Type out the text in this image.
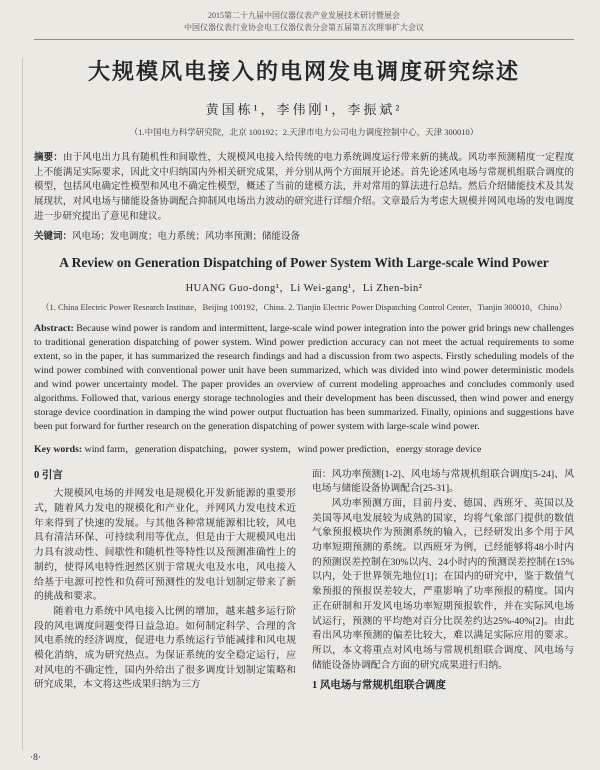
2015第二十九届中国仪器仪表产业发展技术研讨暨展会
中国仪器仪表行业协会电工仪器仪表分会第五届第五次理事扩大会议
大规模风电接入的电网发电调度研究综述
黄国栋¹，李伟刚¹，李振斌²
（1.中国电力科学研究院，北京 100192；2.天津市电力公司电力调度控制中心，天津 300010）

摘要：由于风电出力具有随机性和间歇性，大规模风电接入给传统的电力系统调度运行带来新的挑战。风功率预测精度一定程度上不能满足实际要求，因此文中归纳国内外相关研究成果，并分别从两个方面展开论述。首先论述风电场与常规机组联合调度的模型，包括风电确定性模型和风电不确定性模型，概述了当前的建模方法，并对常用的算法进行总结。然后介绍储能技术及其发展现状，对风电场与储能设备协调配合抑制风电场出力波动的研究进行详细介绍。文章最后为考虑大规模并网风电场的发电调度进一步研究提出了意见和建议。

关键词：风电场；发电调度；电力系统；风功率预测；储能设备

A Review on Generation Dispatching of Power System With Large-scale Wind Power
HUANG Guo-dong¹，Li Wei-gang¹，Li Zhen-bin²
（1. China Electric Power Research Institute，Beijing 100192，China. 2. Tianjin Electric Power Dispatching Control Center，Tianjin 300010，China）

Abstract: Because wind power is random and intermittent, large-scale wind power integration into the power grid brings new challenges to traditional generation dispatching of power system. Wind power prediction accuracy can not meet the actual requirements to some extent, so in the paper, it has summarized the research findings and had a discussion from two aspects. Firstly scheduling models of the wind power combined with conventional power unit have been summarized, which was divided into wind power deterministic models and wind power uncertainty model. The paper provides an overview of current modeling approaches and concludes commonly used algorithms. Followed that, various energy storage technologies and their development has been discussed, then wind power and energy storage device coordination in damping the wind power output fluctuation has been summarized. Finally, opinions and suggestions have been put forward for further research on the generation dispatching of power system with large-scale wind power.

Key words: wind farm，generation dispatching，power system，wind power prediction，energy storage device

0 引言

大规模风电场的并网发电是规模化开发新能源的重要形式，随着风力发电的规模化和产业化，并网风力发电技术近年来得到了快速的发展。与其他各种常规能源相比较，风电具有清洁环保、可持续利用等优点，但是由于大规模风电出力具有波动性、间歇性和随机性等特性以及预测准确性上的制约，使得风电特性迥然区别于常规火电及水电，风电接入给基于电源可控性和负荷可预测性的发电计划制定带来了新的挑战和要求。

随着电力系统中风电接入比例的增加，越来越多运行阶段的风电调度问题变得日益急迫。如何制定科学、合理的含风电系统的经济调度，促进电力系统运行节能减排和风电规模化消纳，成为研究热点。为保证系统的安全稳定运行，应对风电的不确定性，国内外给出了很多调度计划制定策略和研究成果，本文将这些成果归纳为三方

面：风功率预测[1-2]、风电场与常规机组联合调度[5-24]、风电场与储能设备协调配合[25-31]。

风功率预测方面，目前丹麦、德国、西班牙、英国以及美国等风电发展较为成熟的国家，均将气象部门提供的数值气象预报模块作为预测系统的输入，已经研发出多个用于风功率短期预测的系统。以西班牙为例，已经能够将48小时内的预测误差控制在30%以内、24小时内的预测误差控制在15%以内，处于世界领先地位[1]；在国内的研究中，鉴于数值气象预报的预报误差较大，严重影响了功率预报的精度。国内正在研制和开发风电场功率短期预报软件，并在实际风电场试运行，预测的平均绝对百分比误差约达25%-40%[2]。由此看出风功率预测的偏差比较大，难以满足实际应用的要求。所以，本文将重点对风电场与常规机组联合调度、风电场与储能设备协调配合方面的研究成果进行归纳。

1 风电场与常规机组联合调度
·8·
